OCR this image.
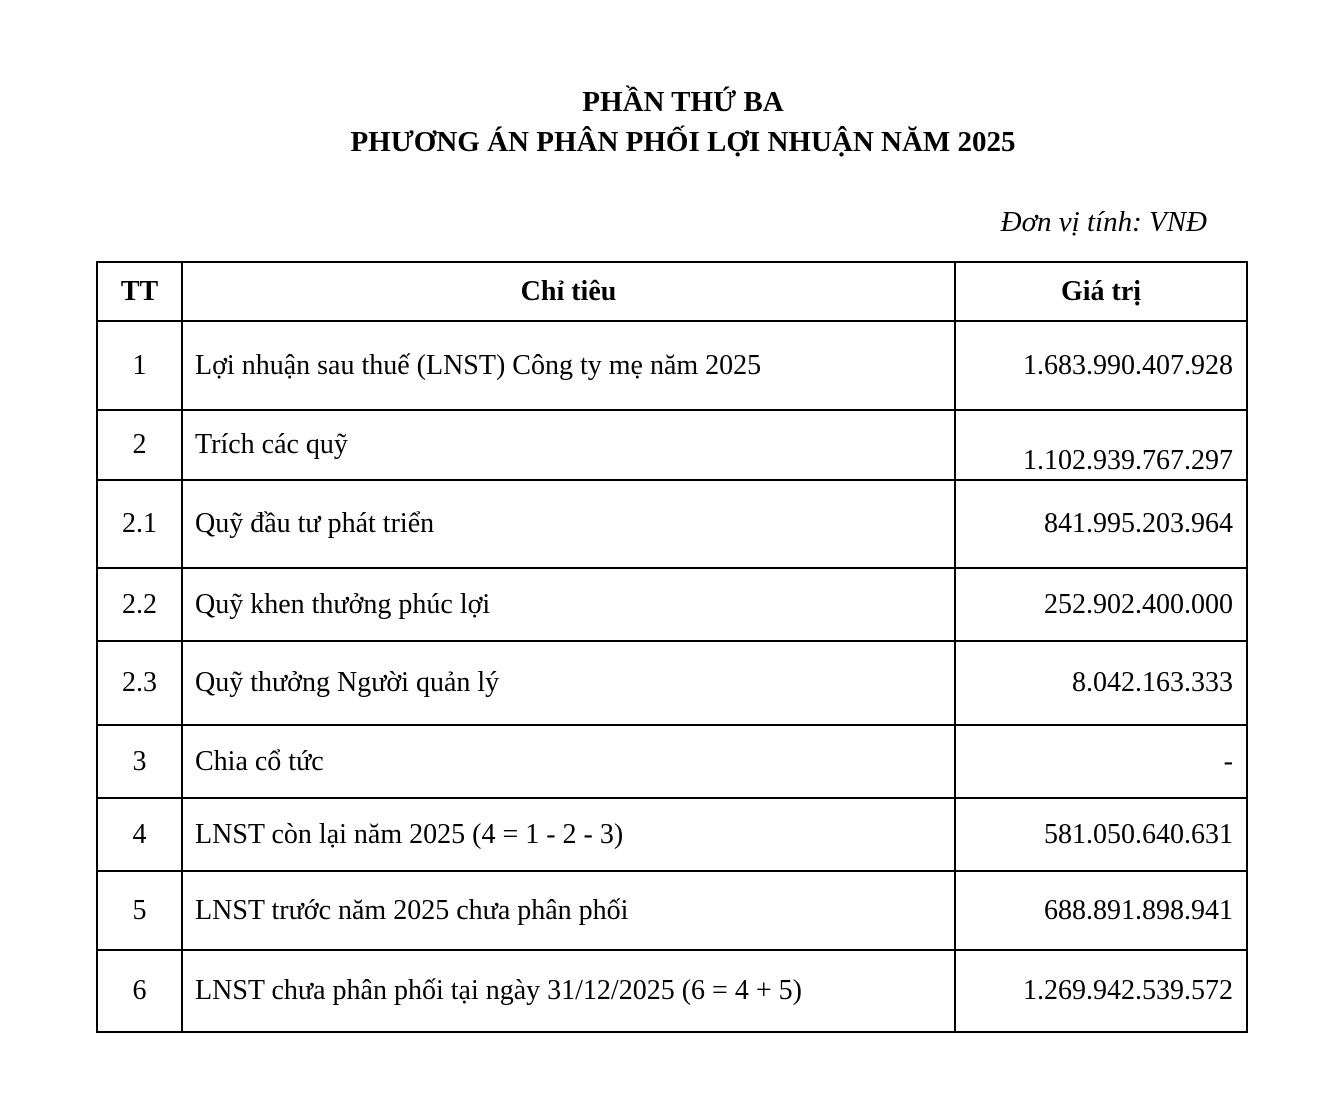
PHẦN THỨ BA
PHƯƠNG ÁN PHÂN PHỐI LỢI NHUẬN NĂM 2025
Đơn vị tính: VNĐ
TT	Chỉ tiêu	Giá trị
1	Lợi nhuận sau thuế (LNST) Công ty mẹ năm 2025	1.683.990.407.928
2	Trích các quỹ	1.102.939.767.297
2.1	Quỹ đầu tư phát triển	841.995.203.964
2.2	Quỹ khen thưởng phúc lợi	252.902.400.000
2.3	Quỹ thưởng Người quản lý	8.042.163.333
3	Chia cổ tức	-
4	LNST còn lại năm 2025 (4 = 1 - 2 - 3)	581.050.640.631
5	LNST trước năm 2025 chưa phân phối	688.891.898.941
6	LNST chưa phân phối tại ngày 31/12/2025 (6 = 4 + 5)	1.269.942.539.572
